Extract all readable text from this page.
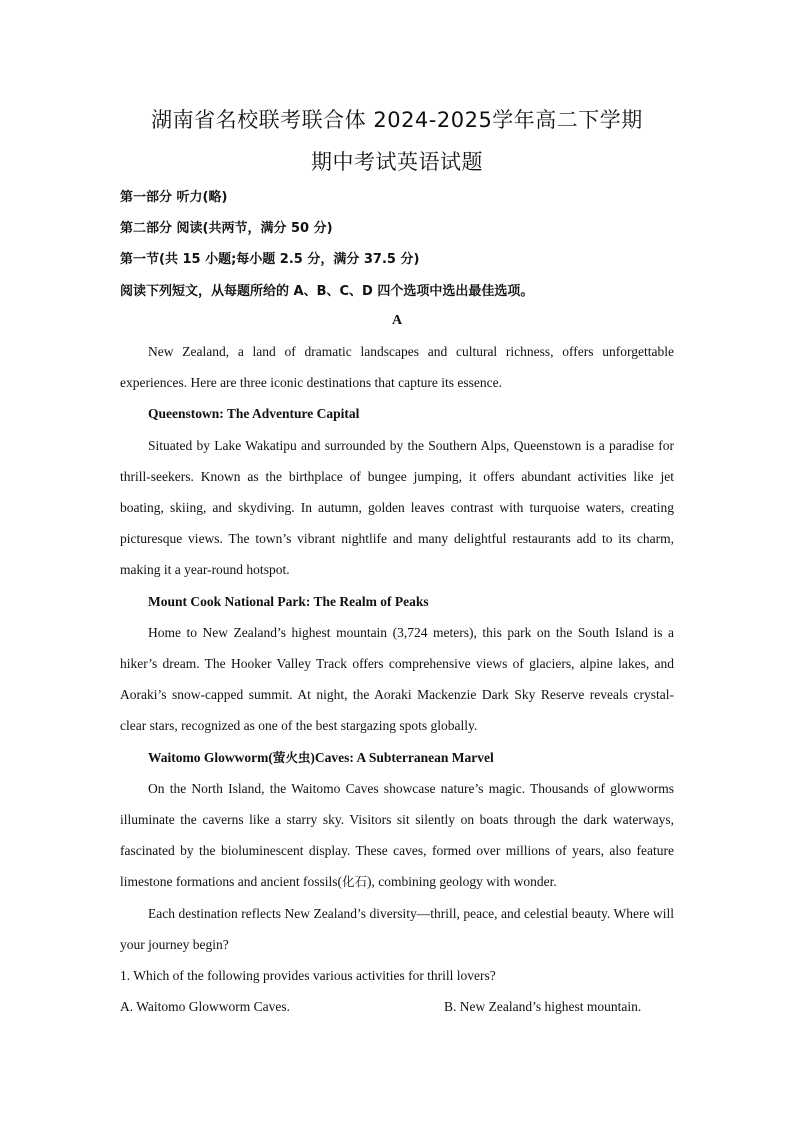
湖南省名校联考联合体 2024-2025学年高二下学期
期中考试英语试题
第一部分 听力(略)
第二部分 阅读(共两节，满分 50 分)
第一节(共 15 小题;每小题 2.5 分，满分 37.5 分)
阅读下列短文，从每题所给的 A、B、C、D 四个选项中选出最佳选项。
A

New Zealand, a land of dramatic landscapes and cultural richness, offers unforgettable experiences. Here are three iconic destinations that capture its essence.

Queenstown: The Adventure Capital

Situated by Lake Wakatipu and surrounded by the Southern Alps, Queenstown is a paradise for thrill-seekers. Known as the birthplace of bungee jumping, it offers abundant activities like jet boating, skiing, and skydiving. In autumn, golden leaves contrast with turquoise waters, creating picturesque views. The town’s vibrant nightlife and many delightful restaurants add to its charm, making it a year-round hotspot.

Mount Cook National Park: The Realm of Peaks

Home to New Zealand’s highest mountain (3,724 meters), this park on the South Island is a hiker’s dream. The Hooker Valley Track offers comprehensive views of glaciers, alpine lakes, and Aoraki’s snow-capped summit. At night, the Aoraki Mackenzie Dark Sky Reserve reveals crystal-clear stars, recognized as one of the best stargazing spots globally.

Waitomo Glowworm(萤火虫)Caves: A Subterranean Marvel

On the North Island, the Waitomo Caves showcase nature’s magic. Thousands of glowworms illuminate the caverns like a starry sky. Visitors sit silently on boats through the dark waterways, fascinated by the bioluminescent display. These caves, formed over millions of years, also feature limestone formations and ancient fossils(化石), combining geology with wonder.

Each destination reflects New Zealand’s diversity—thrill, peace, and celestial beauty. Where will your journey begin?

1. Which of the following provides various activities for thrill lovers?

A. Waitomo Glowworm Caves.	B. New Zealand’s highest mountain.
